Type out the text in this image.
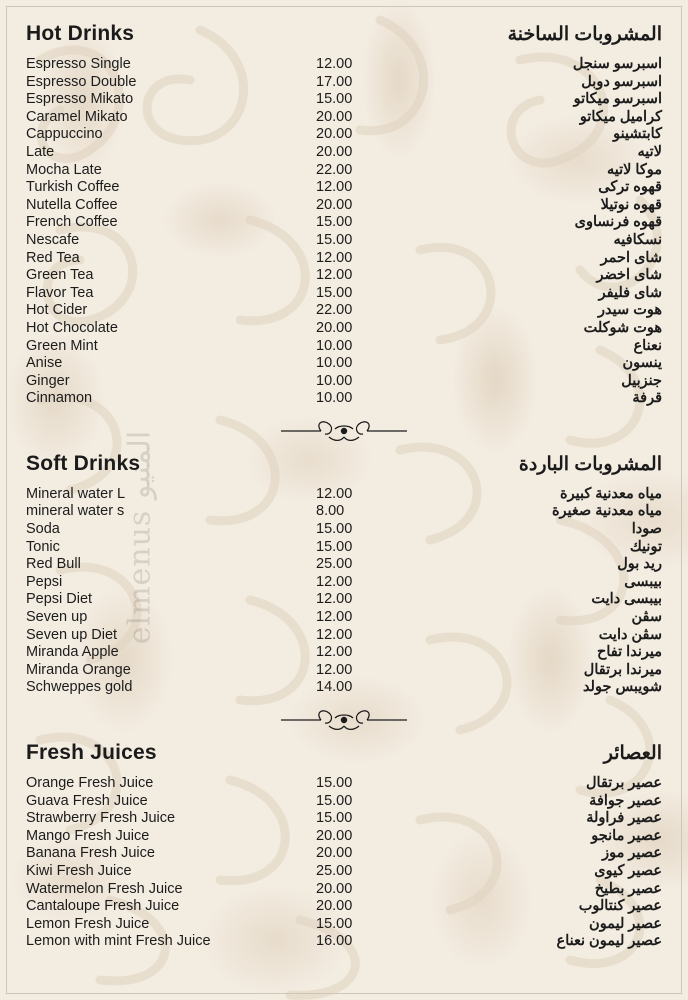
elmenus المنيو
Hot Drinks	المشروبات الساخنة
Espresso Single	12.00	اسبرسو سنجل
Espresso Double	17.00	اسبرسو دوبل
Espresso Mikato	15.00	اسبرسو ميكاتو
Caramel Mikato	20.00	كراميل ميكاتو
Cappuccino	20.00	كابتشينو
Late	20.00	لاتيه
Mocha Late	22.00	موكا لاتيه
Turkish Coffee	12.00	قهوه تركى
Nutella Coffee	20.00	قهوه نوتيلا
French Coffee	15.00	قهوه فرنساوى
Nescafe	15.00	نسكافيه
Red Tea	12.00	شاى احمر
Green Tea	12.00	شاى اخضر
Flavor Tea	15.00	شاى فليفر
Hot Cider	22.00	هوت سيدر
Hot Chocolate	20.00	هوت شوكلت
Green Mint	10.00	نعناع
Anise	10.00	ينسون
Ginger	10.00	جنزبيل
Cinnamon	10.00	قرفة
Soft Drinks	المشروبات الباردة
Mineral water L	12.00	مياه معدنية كبيرة
mineral water s	8.00	مياه معدنية صغيرة
Soda	15.00	صودا
Tonic	15.00	تونيك
Red Bull	25.00	ريد بول
Pepsi	12.00	بيبسى
Pepsi Diet	12.00	بيبسى دايت
Seven up	12.00	سڤن
Seven up Diet	12.00	سڤن دايت
Miranda Apple	12.00	ميرندا تفاح
Miranda Orange	12.00	ميرندا برتقال
Schweppes gold	14.00	شويبس جولد
Fresh Juices	العصائر
Orange Fresh Juice	15.00	عصير برتقال
Guava Fresh Juice	15.00	عصير جوافة
Strawberry Fresh Juice	15.00	عصير فراولة
Mango Fresh Juice	20.00	عصير مانجو
Banana Fresh Juice	20.00	عصير موز
Kiwi Fresh Juice	25.00	عصير كيوى
Watermelon Fresh Juice	20.00	عصير بطيخ
Cantaloupe Fresh Juice	20.00	عصير كنتالوب
Lemon Fresh Juice	15.00	عصير ليمون
Lemon with mint Fresh Juice	16.00	عصير ليمون نعناع
